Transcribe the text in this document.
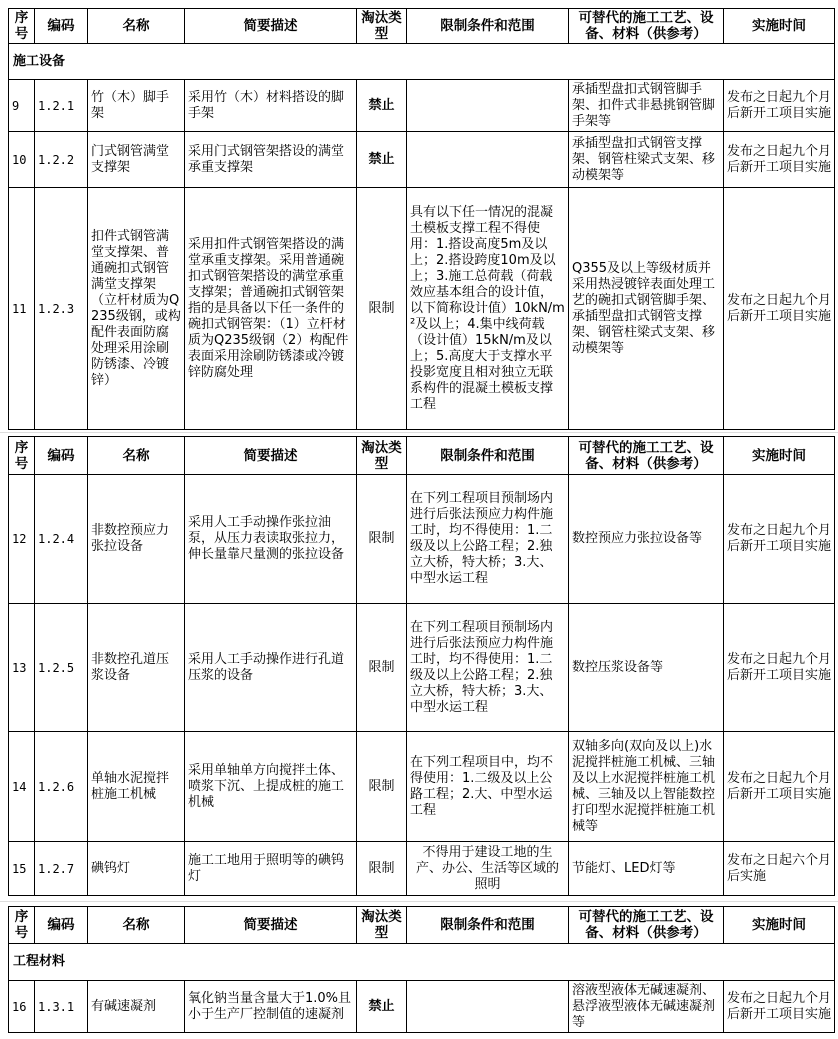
序号	编码	名称	简要描述	淘汰类型	限制条件和范围	可替代的施工工艺、设备、材料（供参考）	实施时间
施工设备							
9	1.2.1	竹（木）脚手架	采用竹（木）材料搭设的脚手架	禁止		承插型盘扣式钢管脚手架、扣件式非悬挑钢管脚手架等	发布之日起九个月后新开工项目实施
10	1.2.2	门式钢管满堂支撑架	采用门式钢管架搭设的满堂承重支撑架	禁止		承插型盘扣式钢管支撑架、钢管柱梁式支架、移动模架等	发布之日起九个月后新开工项目实施
11	1.2.3	扣件式钢管满堂支撑架、普通碗扣式钢管满堂支撑架（立杆材质为Q235级钢，或构配件表面防腐处理采用涂刷防锈漆、冷镀锌）	采用扣件式钢管架搭设的满堂承重支撑架。采用普通碗扣式钢管架搭设的满堂承重支撑架；普通碗扣式钢管架指的是具备以下任一条件的碗扣式钢管架：（1）立杆材质为Q235级钢（2）构配件表面采用涂刷防锈漆或冷镀锌防腐处理	限制	具有以下任一情况的混凝土模板支撑工程不得使用：1.搭设高度5m及以上；2.搭设跨度10m及以上；3.施工总荷载（荷载效应基本组合的设计值，以下简称设计值）10kN/m²及以上；4.集中线荷载（设计值）15kN/m及以上；5.高度大于支撑水平投影宽度且相对独立无联系构件的混凝土模板支撑工程	Q355及以上等级材质并采用热浸镀锌表面处理工艺的碗扣式钢管脚手架、承插型盘扣式钢管支撑架、钢管柱梁式支架、移动模架等	发布之日起九个月后新开工项目实施
序号	编码	名称	简要描述	淘汰类型	限制条件和范围	可替代的施工工艺、设备、材料（供参考）	实施时间
12	1.2.4	非数控预应力张拉设备	采用人工手动操作张拉油泵，从压力表读取张拉力，伸长量靠尺量测的张拉设备	限制	在下列工程项目预制场内进行后张法预应力构件施工时，均不得使用：1.二级及以上公路工程；2.独立大桥，特大桥；3.大、中型水运工程	数控预应力张拉设备等	发布之日起九个月后新开工项目实施
13	1.2.5	非数控孔道压浆设备	采用人工手动操作进行孔道压浆的设备	限制	在下列工程项目预制场内进行后张法预应力构件施工时，均不得使用：1.二级及以上公路工程；2.独立大桥，特大桥；3.大、中型水运工程	数控压浆设备等	发布之日起九个月后新开工项目实施
14	1.2.6	单轴水泥搅拌桩施工机械	采用单轴单方向搅拌土体、喷浆下沉、上提成桩的施工机械	限制	在下列工程项目中，均不得使用：1.二级及以上公路工程；2.大、中型水运工程	双轴多向(双向及以上)水泥搅拌桩施工机械、三轴及以上水泥搅拌桩施工机械、三轴及以上智能数控打印型水泥搅拌桩施工机械等	发布之日起九个月后新开工项目实施
15	1.2.7	碘钨灯	施工工地用于照明等的碘钨灯	限制	不得用于建设工地的生产、办公、生活等区域的照明	节能灯、LED灯等	发布之日起六个月后实施
序号	编码	名称	简要描述	淘汰类型	限制条件和范围	可替代的施工工艺、设备、材料（供参考）	实施时间
工程材料							
16	1.3.1	有碱速凝剂	氧化钠当量含量大于1.0%且小于生产厂控制值的速凝剂	禁止		溶液型液体无碱速凝剂、悬浮液型液体无碱速凝剂等	发布之日起九个月后新开工项目实施
